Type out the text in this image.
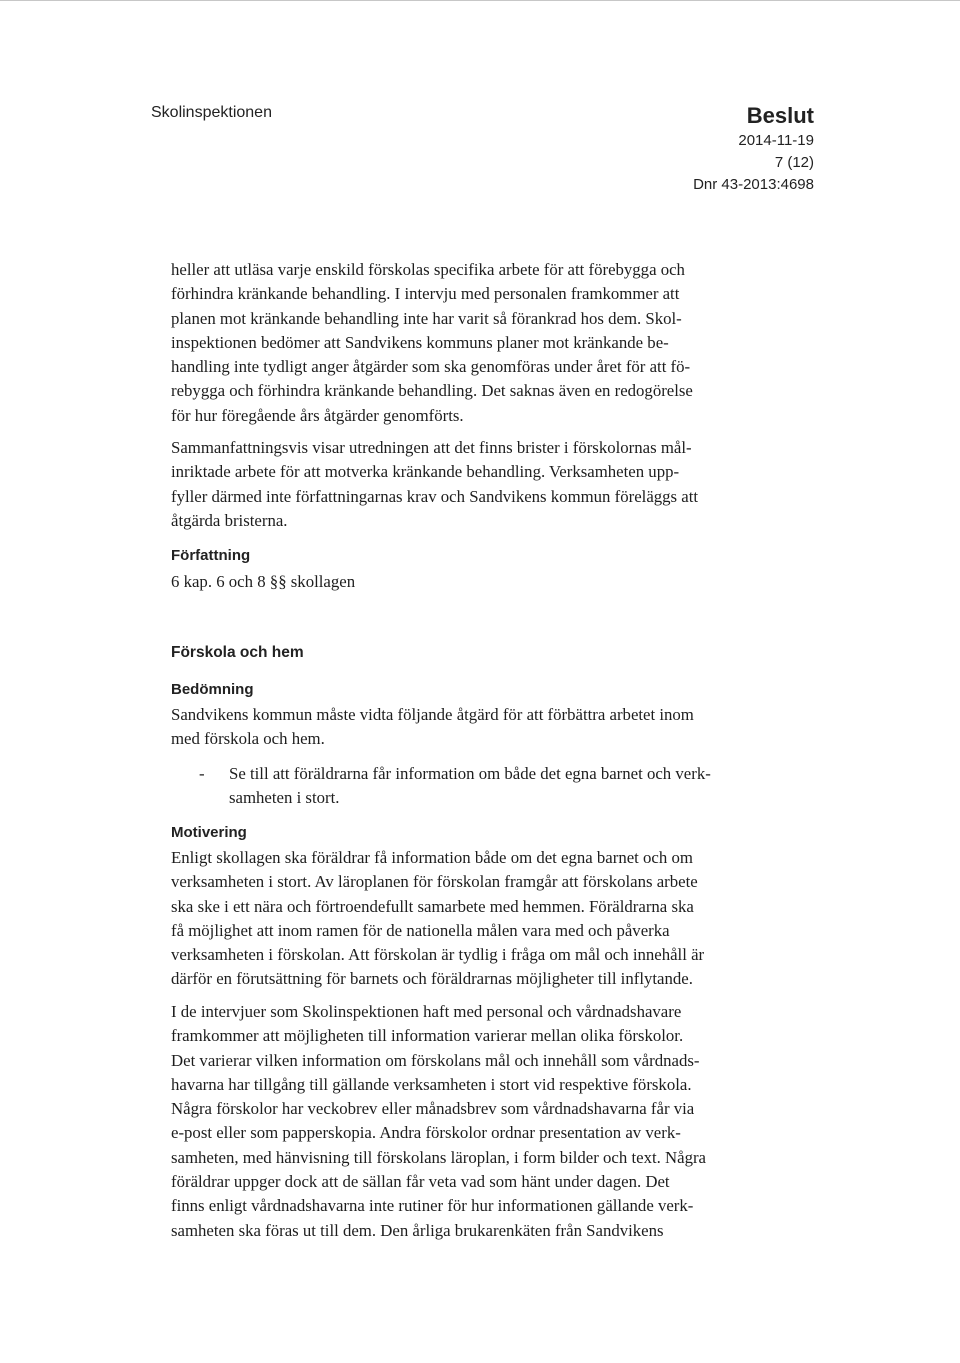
Skolinspektionen	Beslut
2014-11-19
7 (12)
Dnr 43-2013:4698
heller att utläsa varje enskild förskolas specifika arbete för att förebygga och
förhindra kränkande behandling. I intervju med personalen framkommer att
planen mot kränkande behandling inte har varit så förankrad hos dem. Skol-
inspektionen bedömer att Sandvikens kommuns planer mot kränkande be-
handling inte tydligt anger åtgärder som ska genomföras under året för att fö-
rebygga och förhindra kränkande behandling. Det saknas även en redogörelse
för hur föregående års åtgärder genomförts.
Sammanfattningsvis visar utredningen att det finns brister i förskolornas mål-
inriktade arbete för att motverka kränkande behandling. Verksamheten upp-
fyller därmed inte författningarnas krav och Sandvikens kommun föreläggs att
åtgärda bristerna.
Författning
6 kap. 6 och 8 §§ skollagen
Förskola och hem
Bedömning
Sandvikens kommun måste vidta följande åtgärd för att förbättra arbetet inom
med förskola och hem.
- Se till att föräldrarna får information om både det egna barnet och verk-
samheten i stort.
Motivering
Enligt skollagen ska föräldrar få information både om det egna barnet och om
verksamheten i stort. Av läroplanen för förskolan framgår att förskolans arbete
ska ske i ett nära och förtroendefullt samarbete med hemmen. Föräldrarna ska
få möjlighet att inom ramen för de nationella målen vara med och påverka
verksamheten i förskolan. Att förskolan är tydlig i fråga om mål och innehåll är
därför en förutsättning för barnets och föräldrarnas möjligheter till inflytande.
I de intervjuer som Skolinspektionen haft med personal och vårdnadshavare
framkommer att möjligheten till information varierar mellan olika förskolor.
Det varierar vilken information om förskolans mål och innehåll som vårdnads-
havarna har tillgång till gällande verksamheten i stort vid respektive förskola.
Några förskolor har veckobrev eller månadsbrev som vårdnadshavarna får via
e-post eller som papperskopia. Andra förskolor ordnar presentation av verk-
samheten, med hänvisning till förskolans läroplan, i form bilder och text. Några
föräldrar uppger dock att de sällan får veta vad som hänt under dagen. Det
finns enligt vårdnadshavarna inte rutiner för hur informationen gällande verk-
samheten ska föras ut till dem. Den årliga brukarenkäten från Sandvikens
